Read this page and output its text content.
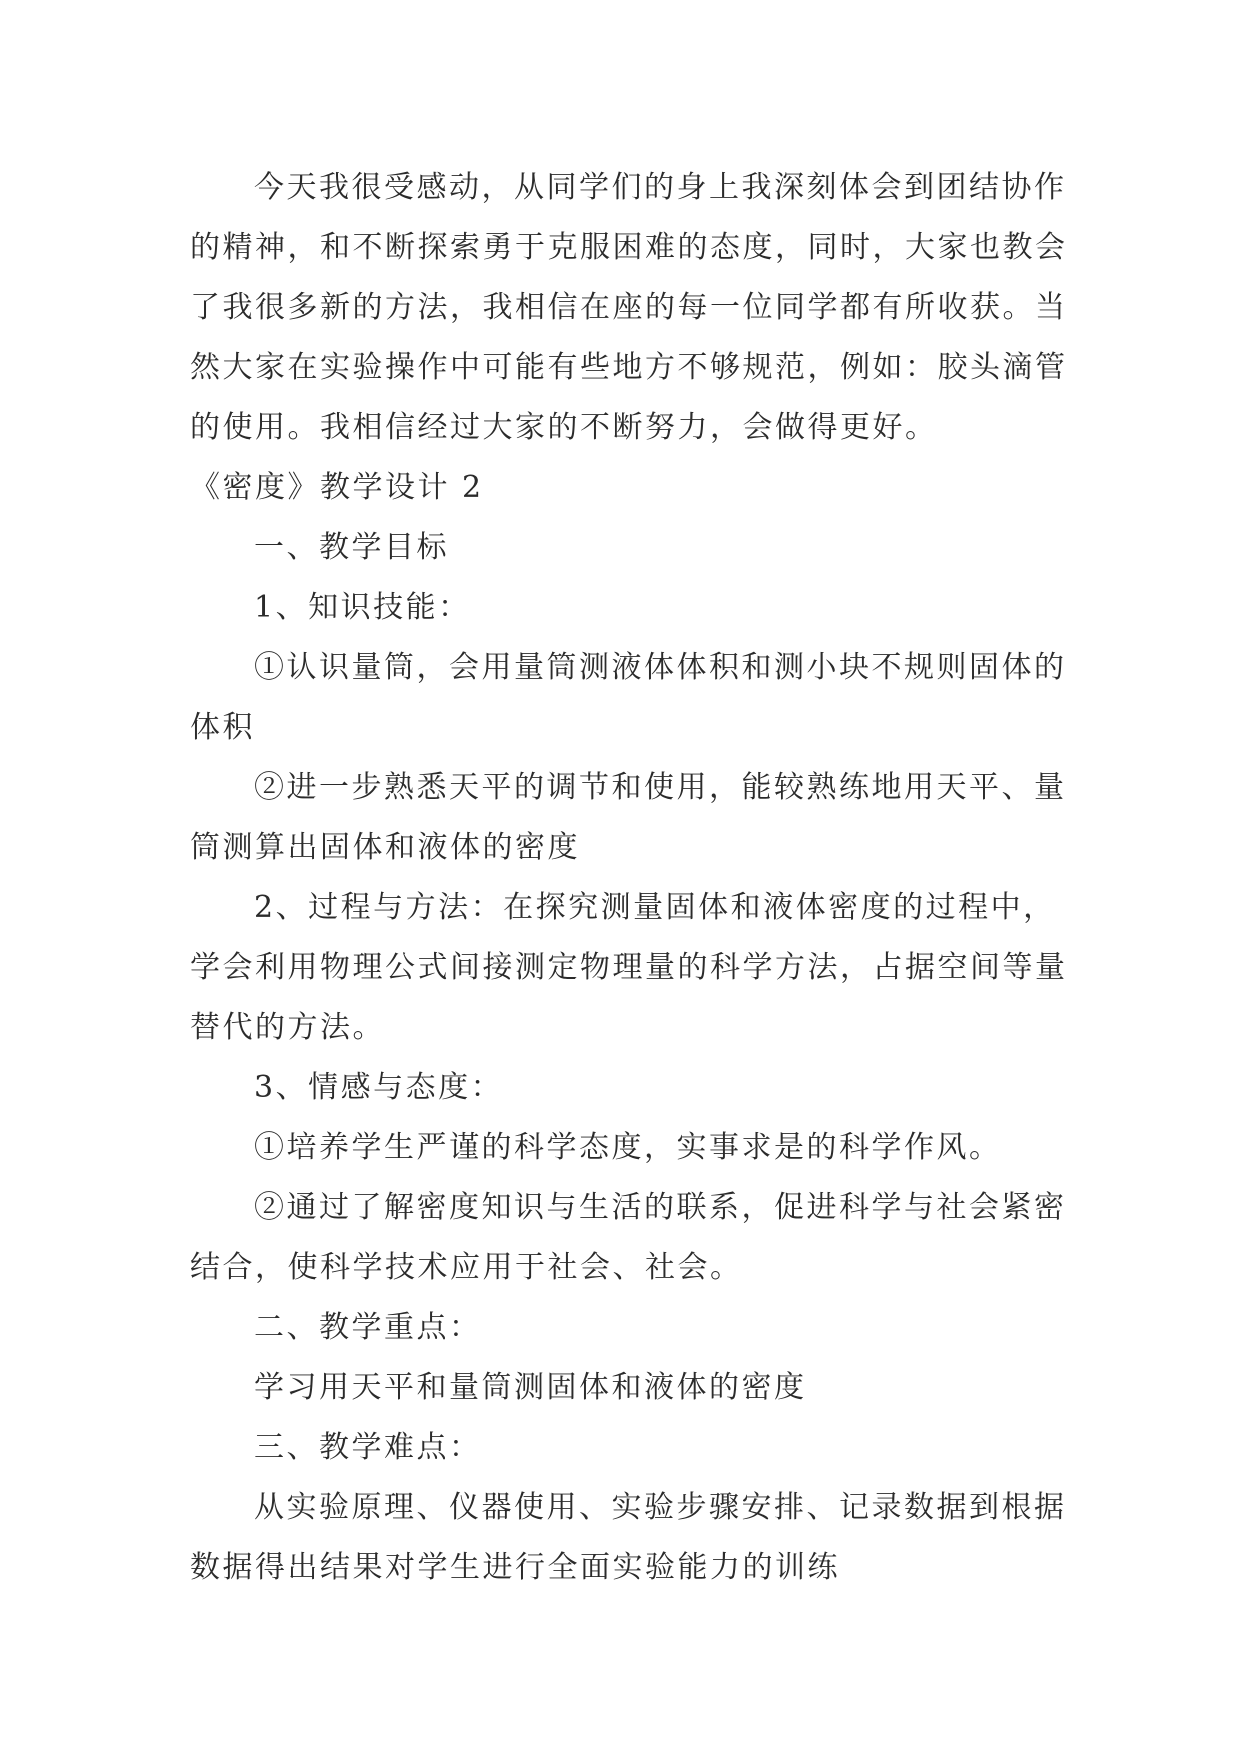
今天我很受感动，从同学们的身上我深刻体会到团结协作的精神，和不断探索勇于克服困难的态度，同时，大家也教会了我很多新的方法，我相信在座的每一位同学都有所收获。当然大家在实验操作中可能有些地方不够规范，例如：胶头滴管的使用。我相信经过大家的不断努力，会做得更好。

《密度》教学设计 2

一、教学目标

1、知识技能：

①认识量筒，会用量筒测液体体积和测小块不规则固体的体积

②进一步熟悉天平的调节和使用，能较熟练地用天平、量筒测算出固体和液体的密度

2、过程与方法：在探究测量固体和液体密度的过程中，学会利用物理公式间接测定物理量的科学方法，占据空间等量替代的方法。

3、情感与态度：

①培养学生严谨的科学态度，实事求是的科学作风。

②通过了解密度知识与生活的联系，促进科学与社会紧密结合，使科学技术应用于社会、社会。

二、教学重点：

学习用天平和量筒测固体和液体的密度

三、教学难点：

从实验原理、仪器使用、实验步骤安排、记录数据到根据数据得出结果对学生进行全面实验能力的训练
